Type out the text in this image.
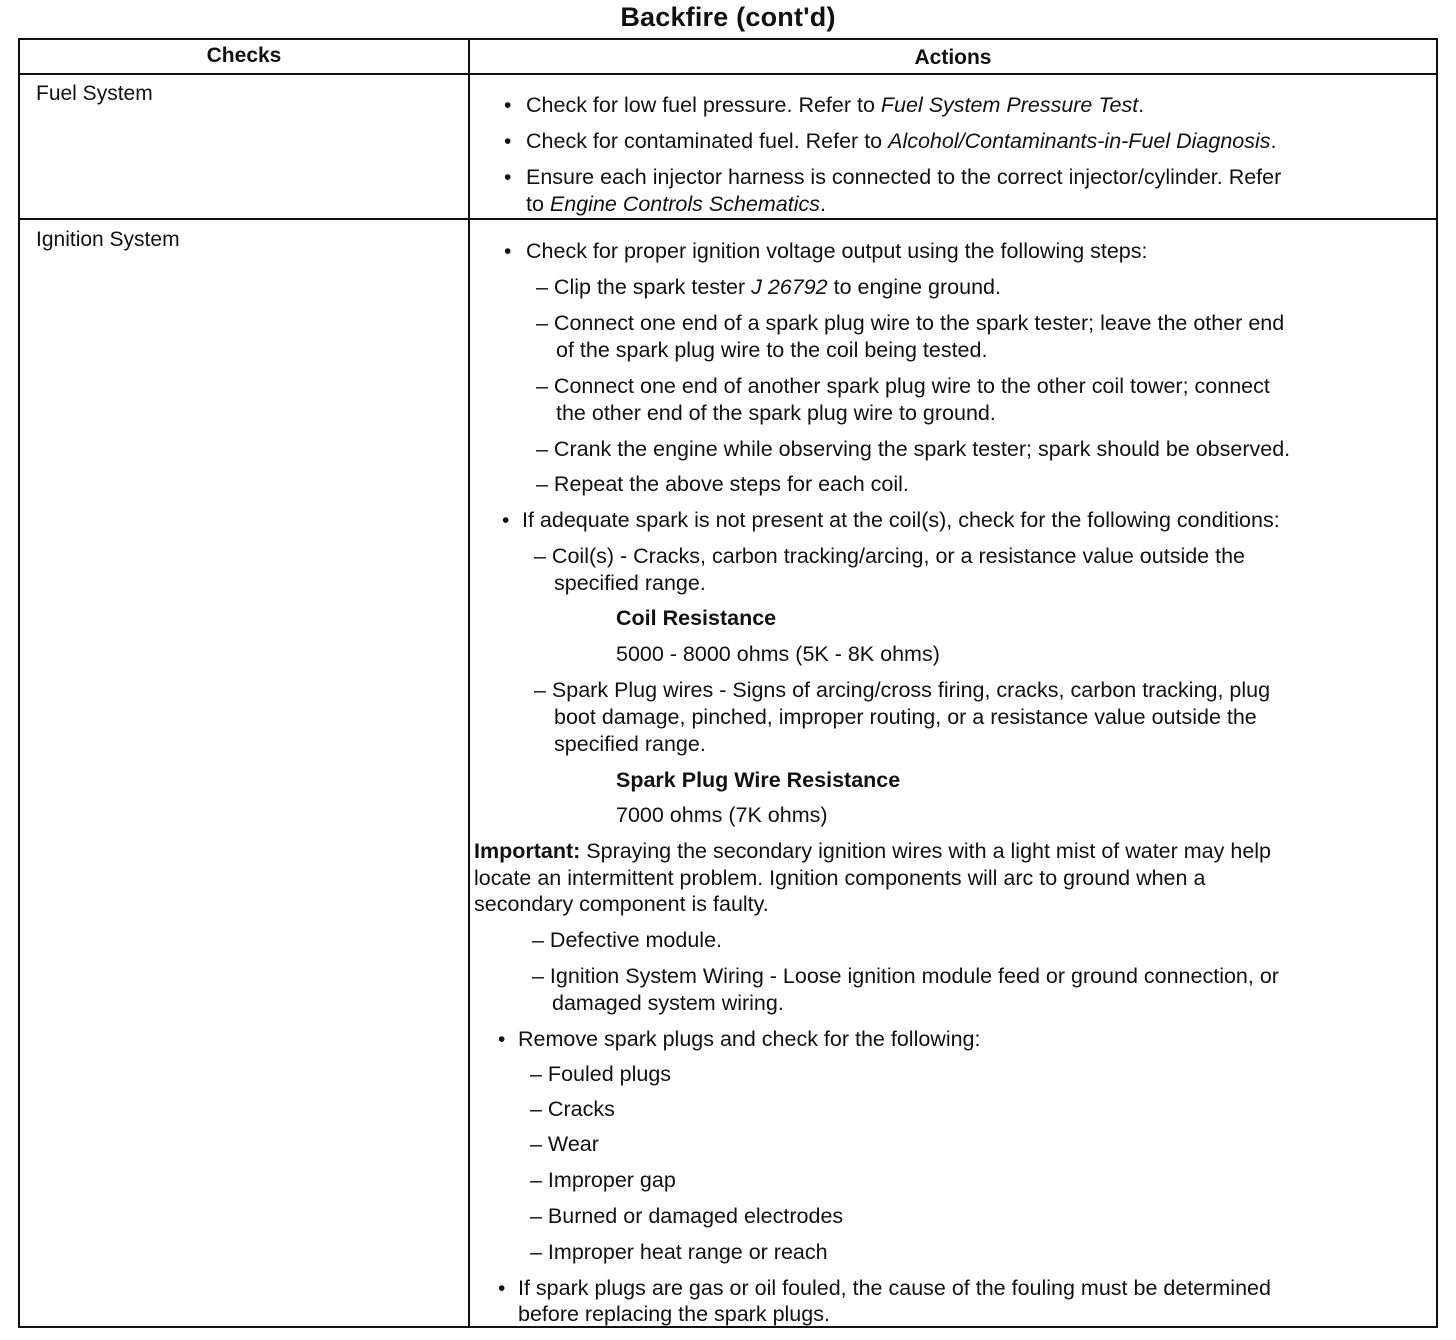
Backfire (cont'd)
Checks	Actions
Fuel System
• Check for low fuel pressure. Refer to Fuel System Pressure Test.
• Check for contaminated fuel. Refer to Alcohol/Contaminants-in-Fuel Diagnosis.
• Ensure each injector harness is connected to the correct injector/cylinder. Refer
to Engine Controls Schematics.
Ignition System
• Check for proper ignition voltage output using the following steps:
– Clip the spark tester J 26792 to engine ground.
– Connect one end of a spark plug wire to the spark tester; leave the other end
of the spark plug wire to the coil being tested.
– Connect one end of another spark plug wire to the other coil tower; connect
the other end of the spark plug wire to ground.
– Crank the engine while observing the spark tester; spark should be observed.
– Repeat the above steps for each coil.
• If adequate spark is not present at the coil(s), check for the following conditions:
– Coil(s) - Cracks, carbon tracking/arcing, or a resistance value outside the
specified range.
Coil Resistance
5000 - 8000 ohms (5K - 8K ohms)
– Spark Plug wires - Signs of arcing/cross firing, cracks, carbon tracking, plug
boot damage, pinched, improper routing, or a resistance value outside the
specified range.
Spark Plug Wire Resistance
7000 ohms (7K ohms)
Important: Spraying the secondary ignition wires with a light mist of water may help
locate an intermittent problem. Ignition components will arc to ground when a
secondary component is faulty.
– Defective module.
– Ignition System Wiring - Loose ignition module feed or ground connection, or
damaged system wiring.
• Remove spark plugs and check for the following:
– Fouled plugs
– Cracks
– Wear
– Improper gap
– Burned or damaged electrodes
– Improper heat range or reach
• If spark plugs are gas or oil fouled, the cause of the fouling must be determined
before replacing the spark plugs.
